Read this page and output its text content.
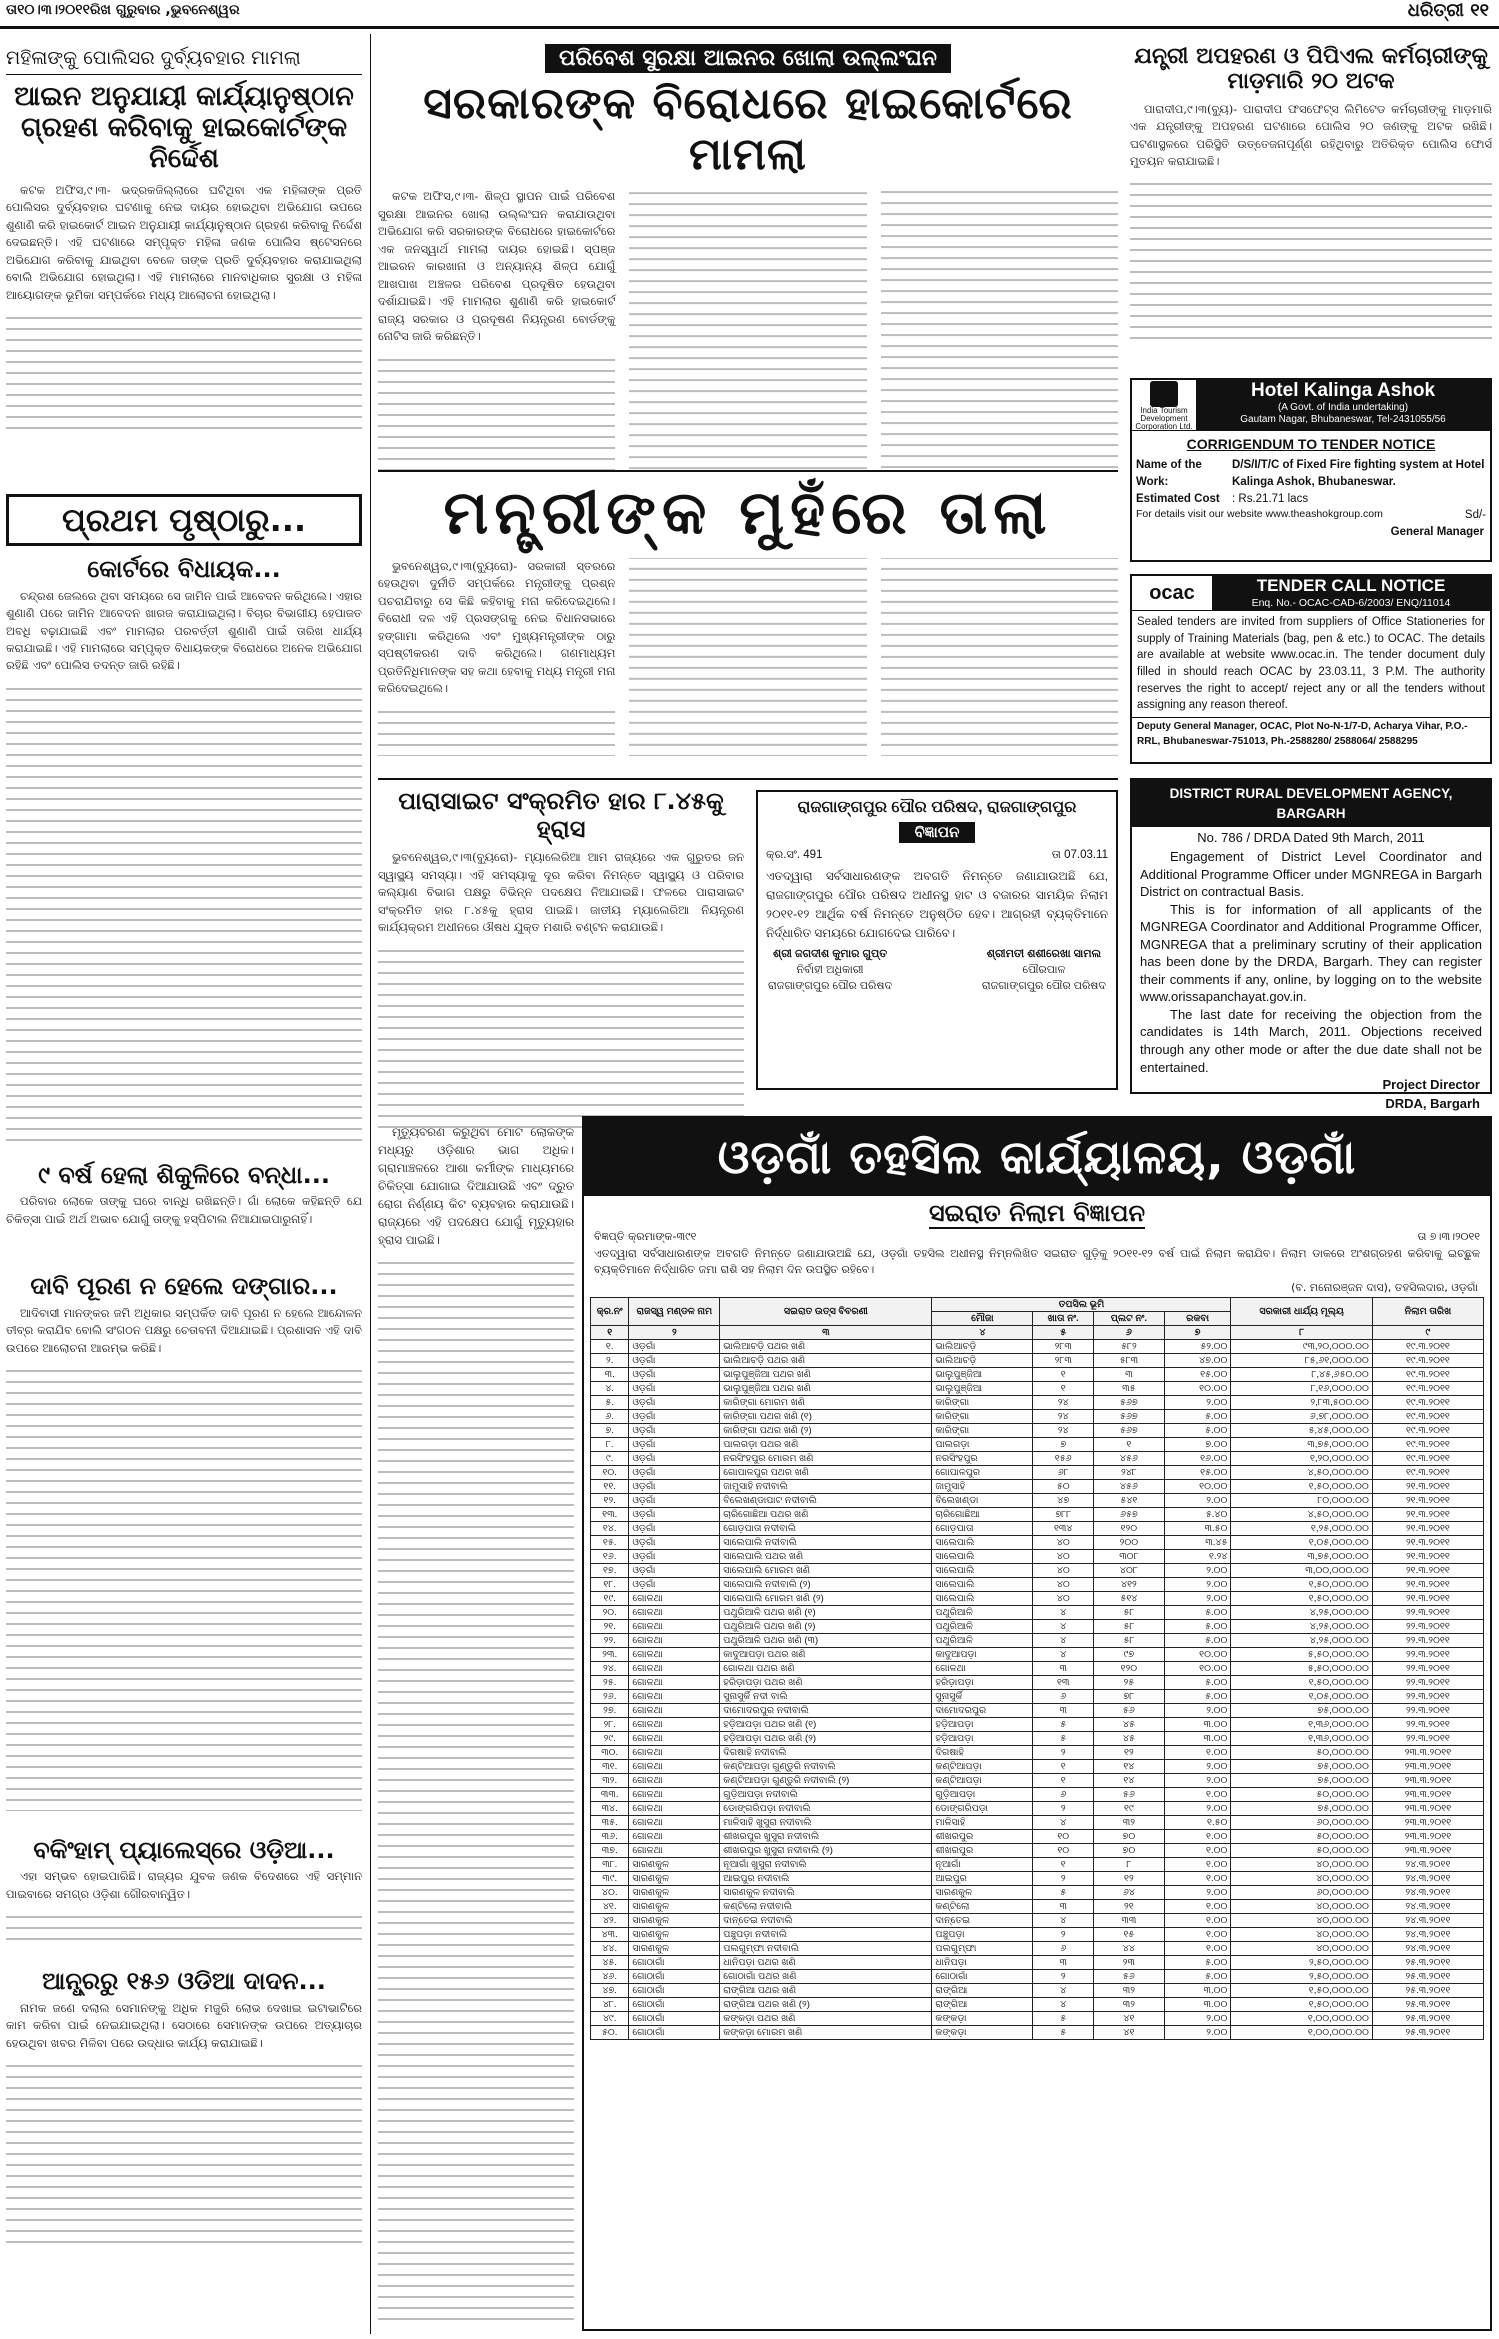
ତା୧୦।୩।୨୦୧୧ରିଖ ଗୁରୁବାର ,ଭୁବନେଶ୍ୱର	ଧରିତ୍ରୀ ୧୧
ମହିଳାଙ୍କୁ ପୋଲିସର ଦୁର୍ବ୍ୟବହାର ମାମଲା
ଆଇନ ଅନୁଯାୟୀ କାର୍ଯ୍ୟାନୁଷ୍ଠାନ ଗ୍ରହଣ କରିବାକୁ ହାଇକୋର୍ଟଙ୍କ ନିର୍ଦ୍ଦେଶ

କଟକ ଅଫିସ,୯।୩- ଭଦ୍ରକଜିଲ୍ଲାରେ ଘଟିଥିବା ଏକ ମହିଳାଙ୍କ ପ୍ରତି ପୋଲିସର ଦୁର୍ବ୍ୟବହାର ଘଟଣାକୁ ନେଇ ଦାୟର ହୋଇଥିବା ଅଭିଯୋଗ ଉପରେ ଶୁଣାଣି କରି ହାଇକୋର୍ଟ ଆଇନ ଅନୁଯାୟୀ କାର୍ଯ୍ୟାନୁଷ୍ଠାନ ଗ୍ରହଣ କରିବାକୁ ନିର୍ଦ୍ଦେଶ ଦେଇଛନ୍ତି। ଏହି ଘଟଣାରେ ସମ୍ପୃକ୍ତ ମହିଳା ଜଣକ ପୋଲିସ ଷ୍ଟେସନରେ ଅଭିଯୋଗ କରିବାକୁ ଯାଇଥିବା ବେଳେ ତାଙ୍କ ପ୍ରତି ଦୁର୍ବ୍ୟବହାର କରାଯାଇଥିଲା ବୋଲି ଅଭିଯୋଗ ହୋଇଥିଲା। ଏହି ମାମଲାରେ ମାନବାଧିକାର ସୁରକ୍ଷା ଓ ମହିଳା ଆୟୋଗଙ୍କ ଭୂମିକା ସମ୍ପର୍କରେ ମଧ୍ୟ ଆଲୋଚନା ହୋଇଥିଲା।

ପ୍ରଥମ ପୃଷ୍ଠାରୁ...
କୋର୍ଟରେ ବିଧାୟକ...

ଚନ୍ଦ୍ରଶ ଜେଲରେ ଥିବା ସମୟରେ ସେ ଜାମିନ ପାଇଁ ଆବେଦନ କରିଥିଲେ। ଏହାର ଶୁଣାଣି ପରେ ଜାମିନ ଆବେଦନ ଖାରଜ କରାଯାଇଥିଲା। ବିଚାର ବିଭାଗୀୟ ହେପାଜତ ଅବଧି ବଢ଼ାଯାଇଛି ଏବଂ ମାମଲାର ପରବର୍ତ୍ତୀ ଶୁଣାଣି ପାଇଁ ତାରିଖ ଧାର୍ଯ୍ୟ କରାଯାଇଛି। ଏହି ମାମଲାରେ ସମ୍ପୃକ୍ତ ବିଧାୟକଙ୍କ ବିରୋଧରେ ଅନେକ ଅଭିଯୋଗ ରହିଛି ଏବଂ ପୋଲିସ ତଦନ୍ତ ଜାରି ରହିଛି।

୯ ବର୍ଷ ହେଲା ଶିକୁଳିରେ ବନ୍ଧା...

ପରିବାର ଲୋକେ ତାଙ୍କୁ ଘରେ ବାନ୍ଧି ରଖିଛନ୍ତି। ଗାଁ ଲୋକେ କହିଛନ୍ତି ଯେ ଚିକିତ୍ସା ପାଇଁ ଅର୍ଥ ଅଭାବ ଯୋଗୁଁ ତାଙ୍କୁ ହସ୍ପିଟାଲ ନିଆଯାଇପାରୁନାହିଁ।

ଦାବି ପୂରଣ ନ ହେଲେ ଦଙ୍ଗାର...

ଆଦିବାସୀ ମାନଙ୍କର ଜମି ଅଧିକାର ସମ୍ପର୍କିତ ଦାବି ପୂରଣ ନ ହେଲେ ଆନ୍ଦୋଳନ ତୀବ୍ର କରାଯିବ ବୋଲି ସଂଗଠନ ପକ୍ଷରୁ ଚେତାବନୀ ଦିଆଯାଇଛି। ପ୍ରଶାସନ ଏହି ଦାବି ଉପରେ ଆଲୋଚନା ଆରମ୍ଭ କରିଛି।

ବକିଂହାମ୍ ପ୍ୟାଲେସ୍‌ରେ ଓଡ଼ିଆ...

ଏହା ସମ୍ଭବ ହୋଇପାରିଛି। ରାଜ୍ୟର ଯୁବକ ଜଣକ ବିଦେଶରେ ଏହି ସମ୍ମାନ ପାଇବାରେ ସମଗ୍ର ଓଡ଼ିଶା ଗୌରବାନ୍ୱିତ।

ଆନ୍ଧ୍ରରୁ ୧୫୬ ଓଡିଆ ଦାଦନ...

ନାମକ ଜଣେ ଦଲାଲ ସେମାନଙ୍କୁ ଅଧିକ ମଜୁରି ଲୋଭ ଦେଖାଇ ଇଟାଭାଟିରେ କାମ କରିବା ପାଇଁ ନେଇଯାଇଥିଲା। ସେଠାରେ ସେମାନଙ୍କ ଉପରେ ଅତ୍ୟାଚାର ହେଉଥିବା ଖବର ମିଳିବା ପରେ ଉଦ୍ଧାର କାର୍ଯ୍ୟ କରାଯାଇଛି।

ପରିବେଶ ସୁରକ୍ଷା ଆଇନର ଖୋଲା ଉଲ୍ଲଂଘନ
ସରକାରଙ୍କ ବିରୋଧରେ ହାଇକୋର୍ଟରେ ମାମଲା

କଟକ ଅଫିସ,୯।୩- ଶିଳ୍ପ ସ୍ଥାପନ ପାଇଁ ପରିବେଶ ସୁରକ୍ଷା ଆଇନର ଖୋଲା ଉଲ୍ଲଂଘନ କରାଯାଉଥିବା ଅଭିଯୋଗ କରି ସରକାରଙ୍କ ବିରୋଧରେ ହାଇକୋର୍ଟରେ ଏକ ଜନସ୍ୱାର୍ଥ ମାମଲା ଦାୟର ହୋଇଛି। ସ୍ପଞ୍ଜ ଆଇରନ କାରଖାନା ଓ ଅନ୍ୟାନ୍ୟ ଶିଳ୍ପ ଯୋଗୁଁ ଆଖପାଖ ଅଞ୍ଚଳର ପରିବେଶ ପ୍ରଦୂଷିତ ହେଉଥିବା ଦର୍ଶାଯାଇଛି। ଏହି ମାମଲାର ଶୁଣାଣି କରି ହାଇକୋର୍ଟ ରାଜ୍ୟ ସରକାର ଓ ପ୍ରଦୂଷଣ ନିୟନ୍ତ୍ରଣ ବୋର୍ଡଙ୍କୁ ନୋଟିସ ଜାରି କରିଛନ୍ତି।

ଯନ୍ତ୍ରୀ ଅପହରଣ ଓ ପିପିଏଲ କର୍ମଚାରୀଙ୍କୁ ମାଡ଼ମାରି ୨୦ ଅଟକ

ପାରାଦୀପ,୯।୩(ବ୍ୟୁ)- ପାରାଦୀପ ଫସଫେଟ୍ସ ଲିମିଟେଡ କର୍ମଚାରୀଙ୍କୁ ମାଡ଼ମାରି ଏକ ଯନ୍ତ୍ରୀଙ୍କୁ ଅପହରଣ ଘଟଣାରେ ପୋଲିସ ୨୦ ଜଣଙ୍କୁ ଅଟକ ରଖିଛି। ଘଟଣାସ୍ଥଳରେ ପରିସ୍ଥିତି ଉତ୍ତେଜନାପୂର୍ଣ୍ଣ ରହିଥିବାରୁ ଅତିରିକ୍ତ ପୋଲିସ ଫୋର୍ସ ମୁତୟନ କରାଯାଇଛି।

India Tourism Development Corporation Ltd.
Hotel Kalinga Ashok
(A Govt. of India undertaking)
Gautam Nagar, Bhubaneswar, Tel-2431055/56
CORRIGENDUM TO TENDER NOTICE
Name of the Work:
D/S/I/T/C of Fixed Fire fighting system at Hotel Kalinga Ashok, Bhubaneswar.
Estimated Cost	: Rs.21.71 lacs
For details visit our website www.theashokgroup.com	Sd/-
General Manager
ocac	TENDER CALL NOTICE
Enq. No.- OCAC-CAD-6/2003/ ENQ/11014
Sealed tenders are invited from suppliers of Office Stationeries for supply of Training Materials (bag, pen & etc.) to OCAC. The details are available at website www.ocac.in. The tender document duly filled in should reach OCAC by 23.03.11, 3 P.M. The authority reserves the right to accept/ reject any or all the tenders without assigning any reason thereof.
Deputy General Manager, OCAC, Plot No-N-1/7-D, Acharya Vihar, P.O.-RRL, Bhubaneswar-751013, Ph.-2588280/ 2588064/ 2588295
DISTRICT RURAL DEVELOPMENT AGENCY, BARGARH
No. 786 / DRDA Dated 9th March, 2011
Engagement of District Level Coordinator and Additional Programme Officer under MGNREGA in Bargarh District on contractual Basis.
This is for information of all applicants of the MGNREGA Coordinator and Additional Programme Officer, MGNREGA that a preliminary scrutiny of their application has been done by the DRDA, Bargarh. They can register their comments if any, online, by logging on to the website www.orissapanchayat.gov.in.
The last date for receiving the objection from the candidates is 14th March, 2011. Objections received through any other mode or after the due date shall not be entertained.
Project Director
DRDA, Bargarh
ମନ୍ତ୍ରୀଙ୍କ ମୁହଁରେ ତାଲା

ଭୁବନେଶ୍ୱର,୯।୩(ବ୍ୟୁରୋ)- ସରକାରୀ ସ୍ତରରେ ହେଉଥିବା ଦୁର୍ନୀତି ସମ୍ପର୍କରେ ମନ୍ତ୍ରୀଙ୍କୁ ପ୍ରଶ୍ନ ପଚରାଯିବାରୁ ସେ କିଛି କହିବାକୁ ମନା କରିଦେଇଥିଲେ। ବିରୋଧୀ ଦଳ ଏହି ପ୍ରସଙ୍ଗକୁ ନେଇ ବିଧାନସଭାରେ ହଙ୍ଗାମା କରିଥିଲେ ଏବଂ ମୁଖ୍ୟମନ୍ତ୍ରୀଙ୍କ ଠାରୁ ସ୍ପଷ୍ଟୀକରଣ ଦାବି କରିଥିଲେ। ଗଣମାଧ୍ୟମ ପ୍ରତିନିଧିମାନଙ୍କ ସହ କଥା ହେବାକୁ ମଧ୍ୟ ମନ୍ତ୍ରୀ ମନା କରିଦେଇଥିଲେ।

ପାରାସାଇଟ ସଂକ୍ରମିତ ହାର ୮.୪୫କୁ ହ୍ରାସ

ଭୁବନେଶ୍ୱର,୯।୩(ବ୍ୟୁରୋ)- ମ୍ୟାଲେରିଆ ଆମ ରାଜ୍ୟରେ ଏକ ଗୁରୁତର ଜନ ସ୍ୱାସ୍ଥ୍ୟ ସମସ୍ୟା। ଏହି ସମସ୍ୟାକୁ ଦୂର କରିବା ନିମନ୍ତେ ସ୍ୱାସ୍ଥ୍ୟ ଓ ପରିବାର କଲ୍ୟାଣ ବିଭାଗ ପକ୍ଷରୁ ବିଭିନ୍ନ ପଦକ୍ଷେପ ନିଆଯାଇଛି। ଫଳରେ ପାରାସାଇଟ ସଂକ୍ରମିତ ହାର ୮.୪୫କୁ ହ୍ରାସ ପାଇଛି। ଜାତୀୟ ମ୍ୟାଲେରିଆ ନିୟନ୍ତ୍ରଣ କାର୍ଯ୍ୟକ୍ରମ ଅଧୀନରେ ଔଷଧ ଯୁକ୍ତ ମଶାରି ବଣ୍ଟନ କରାଯାଉଛି।

ମୃତ୍ୟୁବରଣ କରୁଥିବା ମୋଟ ଲୋକଙ୍କ ମଧ୍ୟରୁ ଓଡ଼ିଶାର ଭାଗ ଅଧିକ। ଗ୍ରାମାଞ୍ଚଳରେ ଆଶା କର୍ମୀଙ୍କ ମାଧ୍ୟମରେ ଚିକିତ୍ସା ଯୋଗାଇ ଦିଆଯାଉଛି ଏବଂ ଦ୍ରୁତ ରୋଗ ନିର୍ଣ୍ଣୟ କିଟ ବ୍ୟବହାର କରାଯାଉଛି। ରାଜ୍ୟରେ ଏହି ପଦକ୍ଷେପ ଯୋଗୁଁ ମୃତ୍ୟୁହାର ହ୍ରାସ ପାଇଛି।

ରାଜଗାଙ୍ଗପୁର ପୌର ପରିଷଦ, ରାଜଗାଙ୍ଗପୁର
ବିଜ୍ଞାପନ
କ୍ର.ସଂ. 491	ତା 07.03.11
ଏତଦ୍ୱାରା ସର୍ବସାଧାରଣଙ୍କ ଅବଗତି ନିମନ୍ତେ ଜଣାଯାଉଅଛି ଯେ, ରାଜଗାଙ୍ଗପୁର ପୌର ପରିଷଦ ଅଧୀନସ୍ଥ ହାଟ ଓ ବଜାରର ସାମୟିକ ନିଲାମ ୨୦୧୧-୧୨ ଆର୍ଥିକ ବର୍ଷ ନିମନ୍ତେ ଅନୁଷ୍ଠିତ ହେବ। ଆଗ୍ରହୀ ବ୍ୟକ୍ତିମାନେ ନିର୍ଦ୍ଧାରିତ ସମୟରେ ଯୋଗଦେଇ ପାରିବେ।
ଶ୍ରୀ ଜଗଦୀଶ କୁମାର ଗୁପ୍ତ
ନିର୍ବାହୀ ଅଧିକାରୀ
ରାଜଗାଙ୍ଗପୁର ପୌର ପରିଷଦ
ଶ୍ରୀମତୀ ଶଶୀରେଖା ସାମଲ
ପୌରପାଳ
ରାଜଗାଙ୍ଗପୁର ପୌର ପରିଷଦ
ଓଡ଼ଗାଁ ତହସିଲ କାର୍ଯ୍ୟାଳୟ, ଓଡ଼ଗାଁ
ସଇରାତ ନିଲାମ ବିଜ୍ଞାପନ
ବିଜ୍ଞପ୍ତି କ୍ରମାଙ୍କ-୩୯୧	ତା ୭।୩।୨୦୧୧
ଏତଦ୍ୱାରା ସର୍ବସାଧାରଣଙ୍କ ଅବଗତି ନିମନ୍ତେ ଜଣାଯାଉଅଛି ଯେ, ଓଡ଼ଗାଁ ତହସିଲ ଅଧୀନସ୍ଥ ନିମ୍ନଲିଖିତ ସଇରାତ ଗୁଡ଼ିକୁ ୨୦୧୧-୧୨ ବର୍ଷ ପାଇଁ ନିଲାମ କରାଯିବ। ନିଲାମ ଡାକରେ ଅଂଶଗ୍ରହଣ କରିବାକୁ ଇଚ୍ଛୁକ ବ୍ୟକ୍ତିମାନେ ନିର୍ଦ୍ଧାରିତ ଜମା ରାଶି ସହ ନିଲାମ ଦିନ ଉପସ୍ଥିତ ରହିବେ।
(ବ. ମନୋରଞ୍ଜନ ଦାସ), ତହସିଲଦାର, ଓଡ଼ଗାଁ
କ୍ର.ନଂ	ରାଜସ୍ୱ ମଣ୍ଡଳ ନାମ	ସଇରାତ ଉତ୍ସ ବିବରଣୀ	ତପସିଲ ଭୂମି				ସରକାରୀ ଧାର୍ଯ୍ୟ ମୂଲ୍ୟ	ନିଲାମ ତାରିଖ
			ମୌଜା	ଖାତା ନଂ.	ପ୍ଲଟ ନଂ.	ରକବା		
୧	୨	୩	୪	୫	୬	୭	୮	୯
୧.	ଓଡ଼ଗାଁ	ଭାଲିଆଚଡ଼ି ପଥର ଖଣି	ଭାଲିଆଚଡ଼ି	୨୮୩	୫୮୨	୫୨.୦୦	୯୩,୨୦,୦୦୦.୦୦	୧୯.୩.୨୦୧୧
୨.	ଓଡ଼ଗାଁ	ଭାଲିଆଚଡ଼ି ପଥର ଖଣି	ଭାଲିଆଚଡ଼ି	୨୮୩	୫୮୩	୪୭.୦୦	୮୫,୬୧,୦୦୦.୦୦	୧୯.୩.୨୦୧୧
୩.	ଓଡ଼ଗାଁ	ଭାଲୁପୁଞ୍ଜିଆ ପଥର ଖଣି	ଭାଲୁପୁଞ୍ଜିଆ	୧	୩	୧୫.୦୦	୮,୪୫,୬୫୦.୦୦	୧୯.୩.୨୦୧୧
୪.	ଓଡ଼ଗାଁ	ଭାଲୁପୁଞ୍ଜିଆ ପଥର ଖଣି	ଭାଲୁପୁଞ୍ଜିଆ	୧	୩୫	୧୦.୦୦	୮,୧୬,୦୦୦.୦୦	୧୯.୩.୨୦୧୧
୫.	ଓଡ଼ଗାଁ	କାରିଙ୍ଗା ମୋରମ ଖଣି	କାରିଙ୍ଗା	୨୪	୫୬୭	୨.୦୦	୨,୮୩,୫୦୦.୦୦	୧୯.୩.୨୦୧୧
୬.	ଓଡ଼ଗାଁ	କାରିଙ୍ଗା ପଥର ଖଣି (୧)	କାରିଙ୍ଗା	୨୪	୫୬୭	୫.୦୦	୬,୭୮,୦୦୦.୦୦	୧୯.୩.୨୦୧୧
୭.	ଓଡ଼ଗାଁ	କାରିଙ୍ଗା ପଥର ଖଣି (୨)	କାରିଙ୍ଗା	୨୪	୫୬୭	୫.୦୦	୫,୪୫,୦୦୦.୦୦	୧୯.୩.୨୦୧୧
୮.	ଓଡ଼ଗାଁ	ପାଲଗଡ଼ା ପଥର ଖଣି	ପାଲଗଡ଼ା	୭	୧	୭.୦୦	୩,୭୫,୦୦୦.୦୦	୧୯.୩.୨୦୧୧
୯.	ଓଡ଼ଗାଁ	ନରସିଂହପୁର ମୋରମ ଖଣି	ନରସିଂହପୁର	୧୫୬	୪୫୬	୧୬.୦୦	୧,୨୦,୦୦୦.୦୦	୧୯.୩.୨୦୧୧
୧୦.	ଓଡ଼ଗାଁ	ଗୋପାଳପୁର ପଥର ଖଣି	ଗୋପାଳପୁର	୬୮	୨୪୮	୧୫.୦୦	୪,୫୦,୦୦୦.୦୦	୧୯.୩.୨୦୧୧
୧୧.	ଓଡ଼ଗାଁ	ଜାମୁସାହି ନଦୀବାଲି	ଜାମୁସାହି	୫୦	୪୫୬	୧୦.୦୦	୧,୫୦,୦୦୦.୦୦	୨୧.୩.୨୦୧୧
୧୨.	ଓଡ଼ଗାଁ	ବିଲେଖଣ୍ଡାପାଟ ନଦୀବାଲି	ବିଲେଖଣ୍ଡା	୪୭	୫୪୧	୨.୦୦	୮୦,୦୦୦.୦୦	୨୧.୩.୨୦୧୧
୧୩.	ଓଡ଼ଗାଁ	ଚାରିଗୋଛିଆ ପଥର ଖଣି	ଚାରିଗୋଛିଆ	୭୮୮	୬୫୭	୫.୪୦	୪,୫୦,୦୦୦.୦୦	୨୧.୩.୨୦୧୧
୧୪.	ଓଡ଼ଗାଁ	ଗୋଡ଼ପାତା ନଦୀବାଲି	ଗୋଡ଼ପାତା	୧୩୪	୧୨୦	୩.୫୦	୧,୨୫,୦୦୦.୦୦	୨୧.୩.୨୦୧୧
୧୫.	ଓଡ଼ଗାଁ	ସାଲେପାଲି ନଦୀବାଲି	ସାଲେପାଲି	୪୦	୨୦୦	୩.୪୫	୧,୦୫,୦୦୦.୦୦	୨୧.୩.୨୦୧୧
୧୬.	ଓଡ଼ଗାଁ	ସାଲେପାଲି ପଥର ଖଣି	ସାଲେପାଲି	୪୦	୩୦୮	୧.୨୪	୩,୭୫,୦୦୦.୦୦	୨୧.୩.୨୦୧୧
୧୭.	ଓଡ଼ଗାଁ	ସାଲେପାଲି ମୋରମ ଖଣି	ସାଲେପାଲି	୪୦	୪୦୮	୨.୦୦	୩,୦୦,୦୦୦.୦୦	୨୧.୩.୨୦୧୧
୧୮.	ଓଡ଼ଗାଁ	ସାଲେପାଲି ନଦୀବାଲି (୨)	ସାଲେପାଲି	୪୦	୪୧୨	୨.୦୦	୧,୫୦,୦୦୦.୦୦	୨୧.୩.୨୦୧୧
୧୯.	ଗୋଳଥା	ସାଲେପାଲି ମୋରମ ଖଣି (୨)	ସାଲେପାଲି	୪୦	୫୧୪	୨.୦୦	୧,୫୦,୦୦୦.୦୦	୨୧.୩.୨୦୧୧
୨୦.	ଗୋଳଥା	ପଥୁରିଆଳି ପଥର ଖଣି (୧)	ପଥୁରିଆଳି	୪	୫୮	୫.୦୦	୪,୨୫,୦୦୦.୦୦	୨୨.୩.୨୦୧୧
୨୧.	ଗୋଳଥା	ପଥୁରିଆଳି ପଥର ଖଣି (୨)	ପଥୁରିଆଳି	୪	୫୮	୫.୦୦	୪,୨୫,୦୦୦.୦୦	୨୨.୩.୨୦୧୧
୨୨.	ଗୋଳଥା	ପଥୁରିଆଳି ପଥର ଖଣି (୩)	ପଥୁରିଆଳି	୪	୫୮	୫.୦୦	୪,୨୫,୦୦୦.୦୦	୨୨.୩.୨୦୧୧
୨୩.	ଗୋଳଥା	କାଦୁଆପଡ଼ା ପଥର ଖଣି	କାଦୁଆପଡ଼ା	୪	୯୭	୧୦.୦୦	୫,୫୦,୦୦୦.୦୦	୨୨.୩.୨୦୧୧
୨୪.	ଗୋଳଥା	ଗୋଳଥା ପଥର ଖଣି	ଗୋଳଥା	୩	୧୨୦	୧୦.୦୦	୫,୫୦,୦୦୦.୦୦	୨୨.୩.୨୦୧୧
୨୫.	ଗୋଳଥା	ହରିଡ଼ାପଡ଼ା ପଥର ଖଣି	ହରିଡ଼ାପଡ଼ା	୧୩	୨୫	୫.୦୦	୧,୫୦,୦୦୦.୦୦	୨୨.୩.୨୦୧୧
୨୬.	ଗୋଳଥା	ସୁନାସୁର୍କି ନଦୀ ବାଲି	ସୁନାସୁର୍କି	୬	୭୮	୫.୦୦	୧,୦୫,୦୦୦.୦୦	୨୨.୩.୨୦୧୧
୨୭.	ଗୋଳଥା	ଦାମୋଦରପୁର ନଦୀବାଲି	ଦାମୋଦରପୁର	୩	୫୬	୨.୦୦	୭୫,୦୦୦.୦୦	୨୨.୩.୨୦୧୧
୨୮.	ଗୋଳଥା	ହଡ଼ିଆପଡ଼ା ପଥର ଖଣି (୧)	ହଡ଼ିଆପଡ଼ା	୫	୪୫	୩.୦୦	୧,୩୬,୦୦୦.୦୦	୨୨.୩.୨୦୧୧
୨୯.	ଗୋଳଥା	ହଡ଼ିଆପଡ଼ା ପଥର ଖଣି (୨)	ହଡ଼ିଆପଡ଼ା	୫	୪୫	୩.୦୦	୧,୩୬,୦୦୦.୦୦	୨୨.୩.୨୦୧୧
୩୦.	ଗୋଳଥା	ଦିଗଷାହି ନଦୀବାଲି	ଦିଗଷାହି	୨	୧୨	୧.୦୦	୫୦,୦୦୦.୦୦	୨୩.୩.୨୦୧୧
୩୧.	ଗୋଳଥା	କଣ୍ଟିଆପଡ଼ା ଗୁଣ୍ଡୁରି ନଦୀବାଲି	କଣ୍ଟିଆପଡ଼ା	୧	୧୪	୨.୦୦	୭୫,୦୦୦.୦୦	୨୩.୩.୨୦୧୧
୩୨.	ଗୋଳଥା	କଣ୍ଟିଆପଡ଼ା ଗୁଣ୍ଡୁରି ନଦୀବାଲି (୨)	କଣ୍ଟିଆପଡ଼ା	୧	୧୪	୨.୦୦	୭୫,୦୦୦.୦୦	୨୩.୩.୨୦୧୧
୩୩.	ଗୋଳଥା	ଗୁଡ଼ିଆପଡ଼ା ନଦୀବାଲି	ଗୁଡ଼ିଆପଡ଼ା	୬	୫୬	୧.୦୦	୫୦,୦୦୦.୦୦	୨୩.୩.୨୦୧୧
୩୪.	ଗୋଳଥା	ଡୋଙ୍ଗରିପଡ଼ା ନଦୀବାଲି	ଡୋଙ୍ଗରିପଡ଼ା	୨	୧୯	୨.୦୦	୭୫,୦୦୦.୦୦	୨୩.୩.୨୦୧୧
୩୫.	ଗୋଳଥା	ମାଳିସାହି ଖୁସୁରା ନଦୀବାଲି	ମାଳିସାହି	୪	୩୨	୧.୫୦	୬୦,୦୦୦.୦୦	୨୩.୩.୨୦୧୧
୩୬.	ଗୋଳଥା	ଶୀଖରପୁର ଖୁସୁରା ନଦୀବାଲି	ଶୀଖରପୁର	୧୦	୭୦	୧.୦୦	୫୦,୦୦୦.୦୦	୨୩.୩.୨୦୧୧
୩୭.	ଗୋଳଥା	ଶୀଖରପୁର ଖୁସୁରା ନଦୀବାଲି (୨)	ଶୀଖରପୁର	୧୦	୭୦	୧.୦୦	୫୦,୦୦୦.୦୦	୨୩.୩.୨୦୧୧
୩୮.	ସାରଣକୁଳ	ନୂଆଗାଁ ଖୁସୁରା ନଦୀବାଲି	ନୂଆଗାଁ	୧	୮	୧.୦୦	୪୦,୦୦୦.୦୦	୨୪.୩.୨୦୧୧
୩୯.	ସାରଣକୁଳ	ଆଇପୁର ନଦୀବାଲି	ଆଇପୁର	୨	୧୨	୧.୦୦	୪୦,୦୦୦.୦୦	୨୪.୩.୨୦୧୧
୪୦.	ସାରଣକୁଳ	ସାରଣକୁଳ ନଦୀବାଲି	ସାରଣକୁଳ	୫	୬୪	୨.୦୦	୬୦,୦୦୦.୦୦	୨୪.୩.୨୦୧୧
୪୧.	ସାରଣକୁଳ	କଣ୍ଟିଲୋ ନଦୀବାଲି	କଣ୍ଟିଲୋ	୩	୨୧	୧.୦୦	୪୦,୦୦୦.୦୦	୨୪.୩.୨୦୧୧
୪୨.	ସାରଣକୁଳ	ଦାନ୍ତେଇ ନଦୀବାଲି	ଦାନ୍ତେଇ	୪	୩୩	୧.୦୦	୪୦,୦୦୦.୦୦	୨୪.୩.୨୦୧୧
୪୩.	ସାରଣକୁଳ	ପଞ୍ଚୁପଡ଼ା ନଦୀବାଲି	ପଞ୍ଚୁପଡ଼ା	୨	୧୫	୧.୦୦	୪୦,୦୦୦.୦୦	୨୪.୩.୨୦୧୧
୪୪.	ସାରଣକୁଳ	ପଲଗୁମ୍ଫା ନଦୀବାଲି	ପଲଗୁମ୍ଫା	୬	୪୪	୧.୦୦	୪୦,୦୦୦.୦୦	୨୪.୩.୨୦୧୧
୪୫.	ଗୋଠାଗାଁ	ଧାନିପଡ଼ା ପଥର ଖଣି	ଧାନିପଡ଼ା	୩	୨୩	୫.୦୦	୨,୫୦,୦୦୦.୦୦	୨୫.୩.୨୦୧୧
୪୬.	ଗୋଠାଗାଁ	ଗୋଠାଗାଁ ପଥର ଖଣି	ଗୋଠାଗାଁ	୨	୫୬	୫.୦୦	୨,୫୦,୦୦୦.୦୦	୨୫.୩.୨୦୧୧
୪୭.	ଗୋଠାଗାଁ	ରାଙ୍ଗିଆ ପଥର ଖଣି	ରାଙ୍ଗିଆ	୪	୩୨	୩.୦୦	୧,୫୦,୦୦୦.୦୦	୨୫.୩.୨୦୧୧
୪୮.	ଗୋଠାଗାଁ	ରାଙ୍ଗିଆ ପଥର ଖଣି (୨)	ରାଙ୍ଗିଆ	୪	୩୨	୩.୦୦	୧,୫୦,୦୦୦.୦୦	୨୫.୩.୨୦୧୧
୪୯.	ଗୋଠାଗାଁ	କଙ୍କଡ଼ା ପଥର ଖଣି	କଙ୍କଡ଼ା	୫	୪୧	୨.୦୦	୧,୦୦,୦୦୦.୦୦	୨୫.୩.୨୦୧୧
୫୦.	ଗୋଠାଗାଁ	କଙ୍କଡ଼ା ମୋରମ ଖଣି	କଙ୍କଡ଼ା	୫	୪୧	୨.୦୦	୧,୦୦,୦୦୦.୦୦	୨୫.୩.୨୦୧୧
